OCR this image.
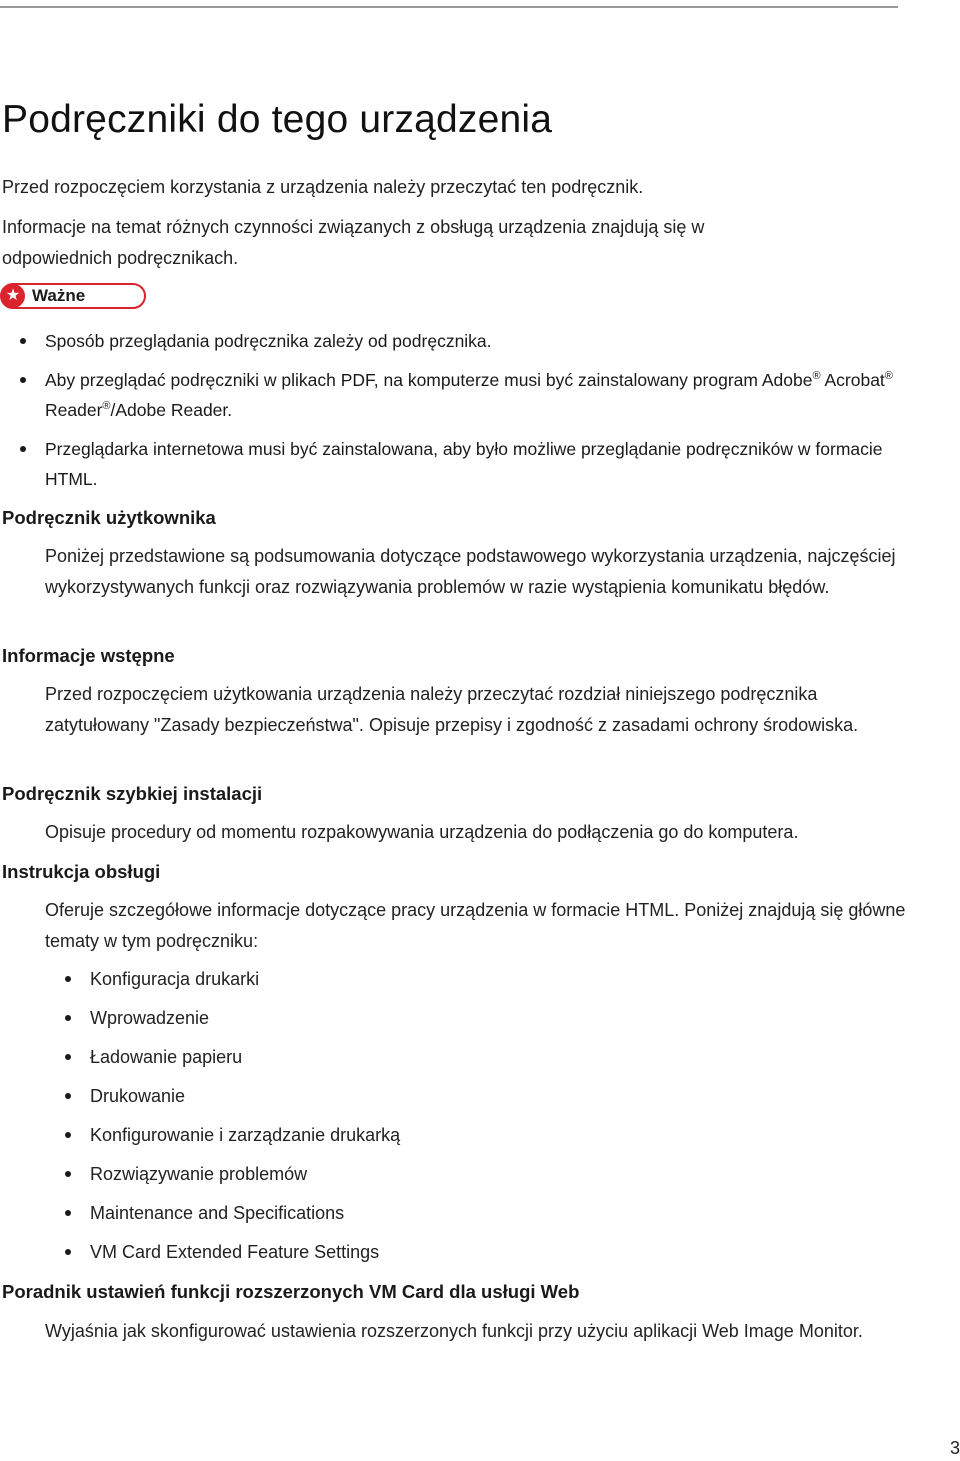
Podręczniki do tego urządzenia

Przed rozpoczęciem korzystania z urządzenia należy przeczytać ten podręcznik.

Informacje na temat różnych czynności związanych z obsługą urządzenia znajdują się w odpowiednich podręcznikach.

★ Ważne
Sposób przeglądania podręcznika zależy od podręcznika.
Aby przeglądać podręczniki w plikach PDF, na komputerze musi być zainstalowany program Adobe® Acrobat® Reader®/Adobe Reader.
Przeglądarka internetowa musi być zainstalowana, aby było możliwe przeglądanie podręczników w formacie HTML.
Podręcznik użytkownika

Poniżej przedstawione są podsumowania dotyczące podstawowego wykorzystania urządzenia, najczęściej wykorzystywanych funkcji oraz rozwiązywania problemów w razie wystąpienia komunikatu błędów.

Informacje wstępne

Przed rozpoczęciem użytkowania urządzenia należy przeczytać rozdział niniejszego podręcznika zatytułowany "Zasady bezpieczeństwa". Opisuje przepisy i zgodność z zasadami ochrony środowiska.

Podręcznik szybkiej instalacji

Opisuje procedury od momentu rozpakowywania urządzenia do podłączenia go do komputera.

Instrukcja obsługi

Oferuje szczegółowe informacje dotyczące pracy urządzenia w formacie HTML. Poniżej znajdują się główne tematy w tym podręczniku:

Konfiguracja drukarki
Wprowadzenie
Ładowanie papieru
Drukowanie
Konfigurowanie i zarządzanie drukarką
Rozwiązywanie problemów
Maintenance and Specifications
VM Card Extended Feature Settings
Poradnik ustawień funkcji rozszerzonych VM Card dla usługi Web

Wyjaśnia jak skonfigurować ustawienia rozszerzonych funkcji przy użyciu aplikacji Web Image Monitor.

3
